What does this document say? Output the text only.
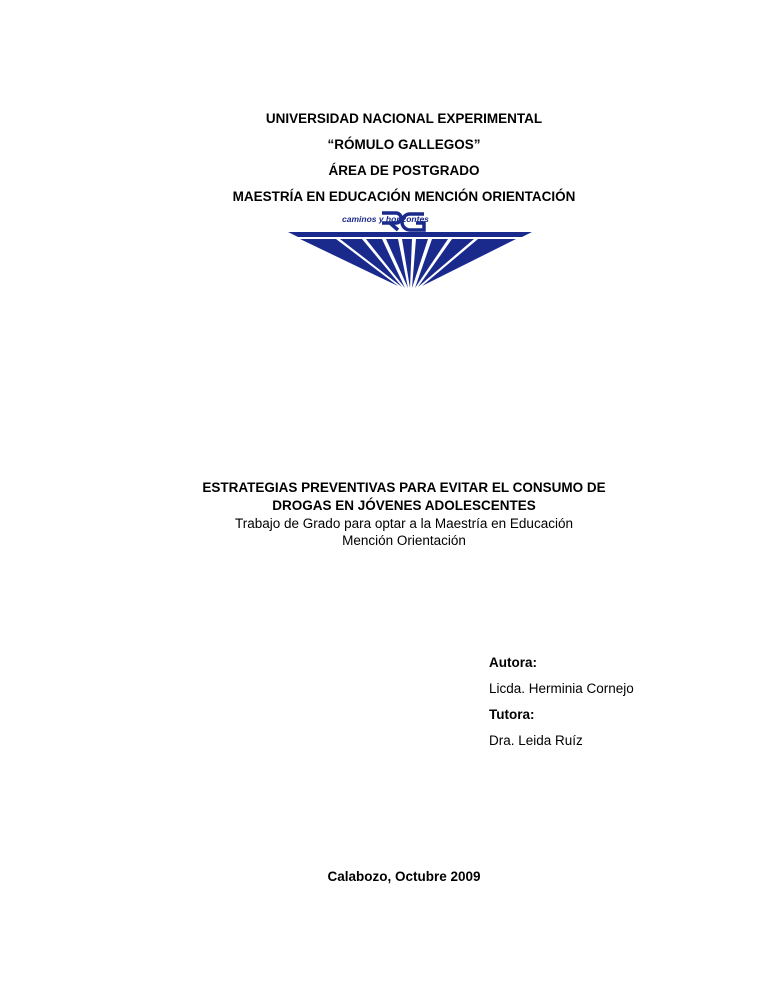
UNIVERSIDAD NACIONAL EXPERIMENTAL
“RÓMULO GALLEGOS”
ÁREA DE POSTGRADO
MAESTRÍA EN EDUCACIÓN MENCIÓN ORIENTACIÓN
caminos y horizontes
ESTRATEGIAS PREVENTIVAS PARA EVITAR EL CONSUMO DE
DROGAS EN JÓVENES ADOLESCENTES
Trabajo de Grado para optar a la Maestría en Educación
Mención Orientación
Autora:
Licda. Herminia Cornejo
Tutora:
Dra. Leida Ruíz
Calabozo, Octubre 2009
